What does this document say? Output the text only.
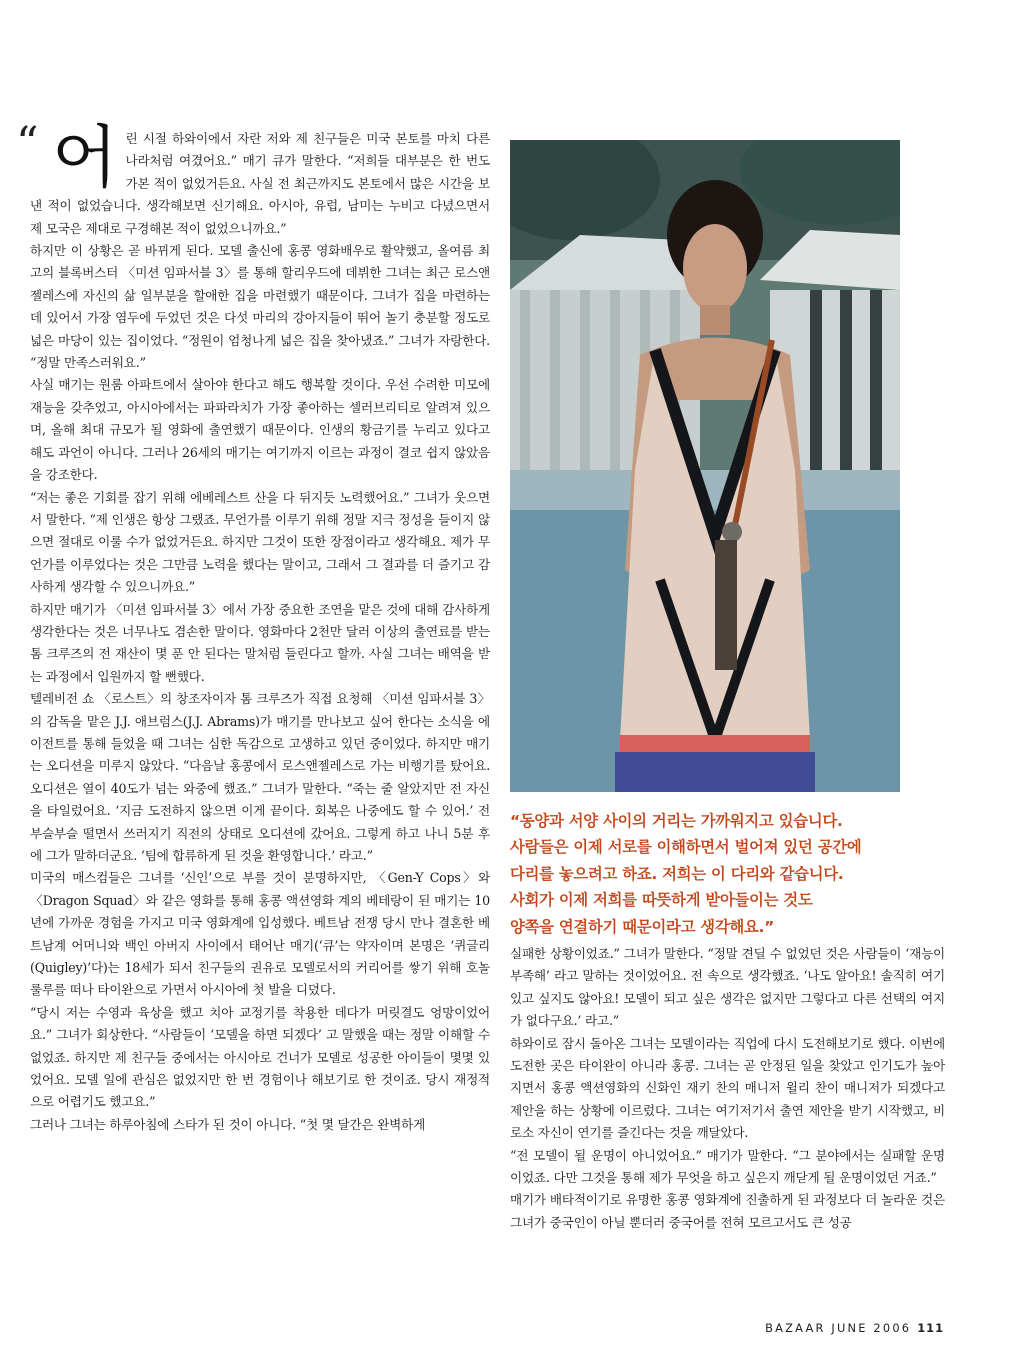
“ 어 린 시절 하와이에서 자란 저와 제 친구들은 미국 본토를 마치 다른 나라처럼 여겼어요.” 매기 큐가 말한다. “저희들 대부분은 한 번도 가본 적이 없었거든요. 사실 전 최근까지도 본토에서 많은 시간을 보낸 적이 없었습니다. 생각해보면 신기해요. 아시아, 유럽, 남미는 누비고 다녔으면서 제 모국은 제대로 구경해본 적이 없었으니까요.”

하지만 이 상황은 곧 바뀌게 된다. 모델 출신에 홍콩 영화배우로 활약했고, 올여름 최고의 블록버스터 〈미션 임파서블 3〉를 통해 할리우드에 데뷔한 그녀는 최근 로스앤젤레스에 자신의 삶 일부분을 할애한 집을 마련했기 때문이다. 그녀가 집을 마련하는 데 있어서 가장 염두에 두었던 것은 다섯 마리의 강아지들이 뛰어 놀기 충분할 정도로 넓은 마당이 있는 집이었다. “정원이 엄청나게 넓은 집을 찾아냈죠.” 그녀가 자랑한다. “정말 만족스러워요.”

사실 매기는 원룸 아파트에서 살아야 한다고 해도 행복할 것이다. 우선 수려한 미모에 재능을 갖추었고, 아시아에서는 파파라치가 가장 좋아하는 셀러브리티로 알려져 있으며, 올해 최대 규모가 될 영화에 출연했기 때문이다. 인생의 황금기를 누리고 있다고 해도 과언이 아니다. 그러나 26세의 매기는 여기까지 이르는 과정이 결코 쉽지 않았음을 강조한다.

“저는 좋은 기회를 잡기 위해 에베레스트 산을 다 뒤지듯 노력했어요.” 그녀가 웃으면서 말한다. “제 인생은 항상 그랬죠. 무언가를 이루기 위해 정말 지극 정성을 들이지 않으면 절대로 이룰 수가 없었거든요. 하지만 그것이 또한 장점이라고 생각해요. 제가 무언가를 이루었다는 것은 그만큼 노력을 했다는 말이고, 그래서 그 결과를 더 즐기고 감사하게 생각할 수 있으니까요.”

하지만 매기가 〈미션 임파서블 3〉에서 가장 중요한 조연을 맡은 것에 대해 감사하게 생각한다는 것은 너무나도 겸손한 말이다. 영화마다 2천만 달러 이상의 출연료를 받는 톰 크루즈의 전 재산이 몇 푼 안 된다는 말처럼 들린다고 할까. 사실 그녀는 배역을 받는 과정에서 입원까지 할 뻔했다.

텔레비전 쇼 〈로스트〉의 창조자이자 톰 크루즈가 직접 요청해 〈미션 임파서블 3〉의 감독을 맡은 J.J. 애브럼스(J.J. Abrams)가 매기를 만나보고 싶어 한다는 소식을 에이전트를 통해 들었을 때 그녀는 심한 독감으로 고생하고 있던 중이었다. 하지만 매기는 오디션을 미루지 않았다. “다음날 홍콩에서 로스앤젤레스로 가는 비행기를 탔어요. 오디션은 열이 40도가 넘는 와중에 했죠.” 그녀가 말한다. “죽는 줄 알았지만 전 자신을 타일렀어요. ‘지금 도전하지 않으면 이게 끝이다. 회복은 나중에도 할 수 있어.’ 전 부슬부슬 떨면서 쓰러지기 직전의 상태로 오디션에 갔어요. 그렇게 하고 나니 5분 후에 그가 말하더군요. ‘팀에 합류하게 된 것을 환영합니다.’ 라고.”

미국의 매스컴들은 그녀를 ‘신인’으로 부를 것이 분명하지만, 〈Gen-Y Cops〉와 〈Dragon Squad〉와 같은 영화를 통해 홍콩 액션영화 계의 베테랑이 된 매기는 10년에 가까운 경험을 가지고 미국 영화계에 입성했다. 베트남 전쟁 당시 만나 결혼한 베트남계 어머니와 백인 아버지 사이에서 태어난 매기(‘큐’는 약자이며 본명은 ‘퀴글리(Quigley)’다)는 18세가 되서 친구들의 권유로 모델로서의 커리어를 쌓기 위해 호놀룰루를 떠나 타이완으로 가면서 아시아에 첫 발을 디뎠다.

“당시 저는 수영과 육상을 했고 치아 교정기를 착용한 데다가 머릿결도 엉망이었어요.” 그녀가 회상한다. “사람들이 ‘모델을 하면 되겠다’ 고 말했을 때는 정말 이해할 수 없었죠. 하지만 제 친구들 중에서는 아시아로 건너가 모델로 성공한 아이들이 몇몇 있었어요. 모델 일에 관심은 없었지만 한 번 경험이나 해보기로 한 것이죠. 당시 재정적으로 어렵기도 했고요.”

그러나 그녀는 하루아침에 스타가 된 것이 아니다. “첫 몇 달간은 완벽하게

“동양과 서양 사이의 거리는 가까워지고 있습니다.
사람들은 이제 서로를 이해하면서 벌어져 있던 공간에
다리를 놓으려고 하죠. 저희는 이 다리와 같습니다.
사회가 이제 저희를 따뜻하게 받아들이는 것도
양쪽을 연결하기 때문이라고 생각해요.”

실패한 상황이었죠.” 그녀가 말한다. “정말 견딜 수 없었던 것은 사람들이 ‘재능이 부족해’ 라고 말하는 것이었어요. 전 속으로 생각했죠. ‘나도 알아요! 솔직히 여기 있고 싶지도 않아요! 모델이 되고 싶은 생각은 없지만 그렇다고 다른 선택의 여지가 없다구요.’ 라고.”

하와이로 잠시 돌아온 그녀는 모델이라는 직업에 다시 도전해보기로 했다. 이번에 도전한 곳은 타이완이 아니라 홍콩. 그녀는 곧 안정된 일을 찾았고 인기도가 높아지면서 홍콩 액션영화의 신화인 재키 찬의 매니저 윌리 찬이 매니저가 되겠다고 제안을 하는 상황에 이르렀다. 그녀는 여기저기서 출연 제안을 받기 시작했고, 비로소 자신이 연기를 즐긴다는 것을 깨달았다.

“전 모델이 될 운명이 아니었어요.” 매기가 말한다. “그 분야에서는 실패할 운명이었죠. 다만 그것을 통해 제가 무엇을 하고 싶은지 깨닫게 될 운명이었던 거죠.”

매기가 배타적이기로 유명한 홍콩 영화계에 진출하게 된 과정보다 더 놀라운 것은 그녀가 중국인이 아닐 뿐더러 중국어를 전혀 모르고서도 큰 성공

BAZAAR JUNE 2006 111
